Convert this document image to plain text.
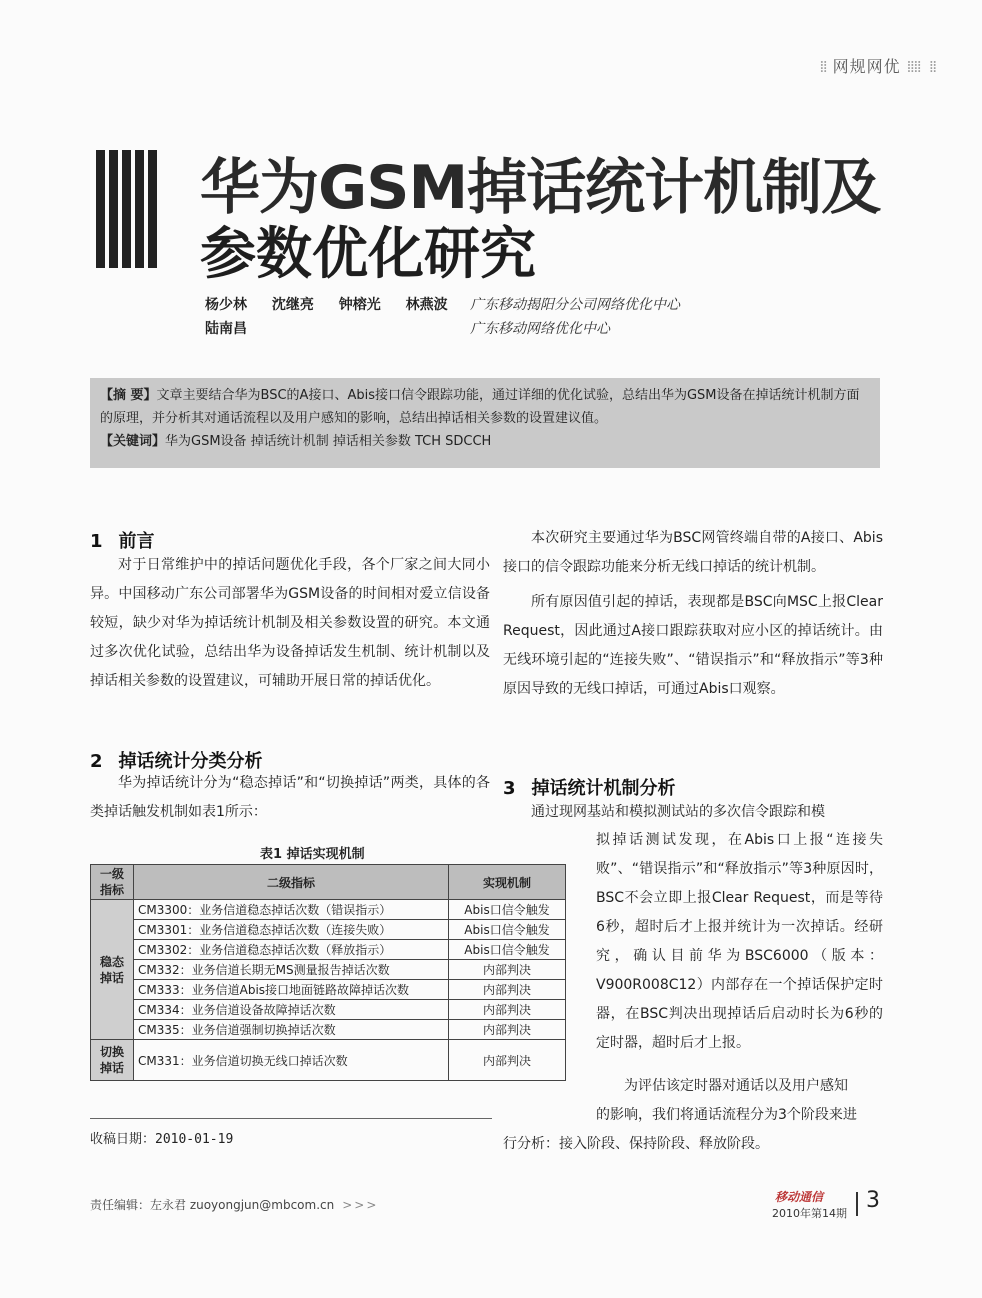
⁞⁞ 网规网优 ⁞⁞⁞⁞ ⁞⁞
华为GSM掉话统计机制及
参数优化研究
杨少林 沈继亮 钟榕光 林燕波
陆南昌
广东移动揭阳分公司网络优化中心
广东移动网络优化中心
【摘 要】文章主要结合华为BSC的A接口、Abis接口信令跟踪功能，通过详细的优化试验，总结出华为GSM设备在掉话统计机制方面的原理，并分析其对通话流程以及用户感知的影响，总结出掉话相关参数的设置建议值。
【关键词】华为GSM设备 掉话统计机制 掉话相关参数 TCH SDCCH
1 前言

对于日常维护中的掉话问题优化手段，各个厂家之间大同小异。中国移动广东公司部署华为GSM设备的时间相对爱立信设备较短，缺少对华为掉话统计机制及相关参数设置的研究。本文通过多次优化试验，总结出华为设备掉话发生机制、统计机制以及掉话相关参数的设置建议，可辅助开展日常的掉话优化。

2 掉话统计分类分析

华为掉话统计分为“稳态掉话”和“切换掉话”两类，具体的各类掉话触发机制如表1所示：

表1 掉话实现机制
一级指标	二级指标	实现机制
稳态掉话	CM3300：业务信道稳态掉话次数（错误指示）	Abis口信令触发
	CM3301：业务信道稳态掉话次数（连接失败）	Abis口信令触发
	CM3302：业务信道稳态掉话次数（释放指示）	Abis口信令触发
	CM332：业务信道长期无MS测量报告掉话次数	内部判决
	CM333：业务信道Abis接口地面链路故障掉话次数	内部判决
	CM334：业务信道设备故障掉话次数	内部判决
	CM335：业务信道强制切换掉话次数	内部判决
切换掉话	CM331：业务信道切换无线口掉话次数	内部判决
收稿日期：2010-01-19

本次研究主要通过华为BSC网管终端自带的A接口、Abis接口的信令跟踪功能来分析无线口掉话的统计机制。

所有原因值引起的掉话，表现都是BSC向MSC上报Clear Request，因此通过A接口跟踪获取对应小区的掉话统计。由无线环境引起的“连接失败”、“错误指示”和“释放指示”等3种原因导致的无线口掉话，可通过Abis口观察。

3 掉话统计机制分析

通过现网基站和模拟测试站的多次信令跟踪和模

拟掉话测试发现，在Abis口上报“连接失败”、“错误指示”和“释放指示”等3种原因时，BSC不会立即上报Clear Request，而是等待6秒，超时后才上报并统计为一次掉话。经研究，确认目前华为BSC6000（版本：V900R008C12）内部存在一个掉话保护定时器，在BSC判决出现掉话后启动时长为6秒的定时器，超时后才上报。

为评估该定时器对通话以及用户感知

的影响，我们将通话流程分为3个阶段来进

行分析：接入阶段、保持阶段、释放阶段。

责任编辑：左永君 zuoyongjun@mbcom.cn >>>
移动通信
2010年第14期
3
